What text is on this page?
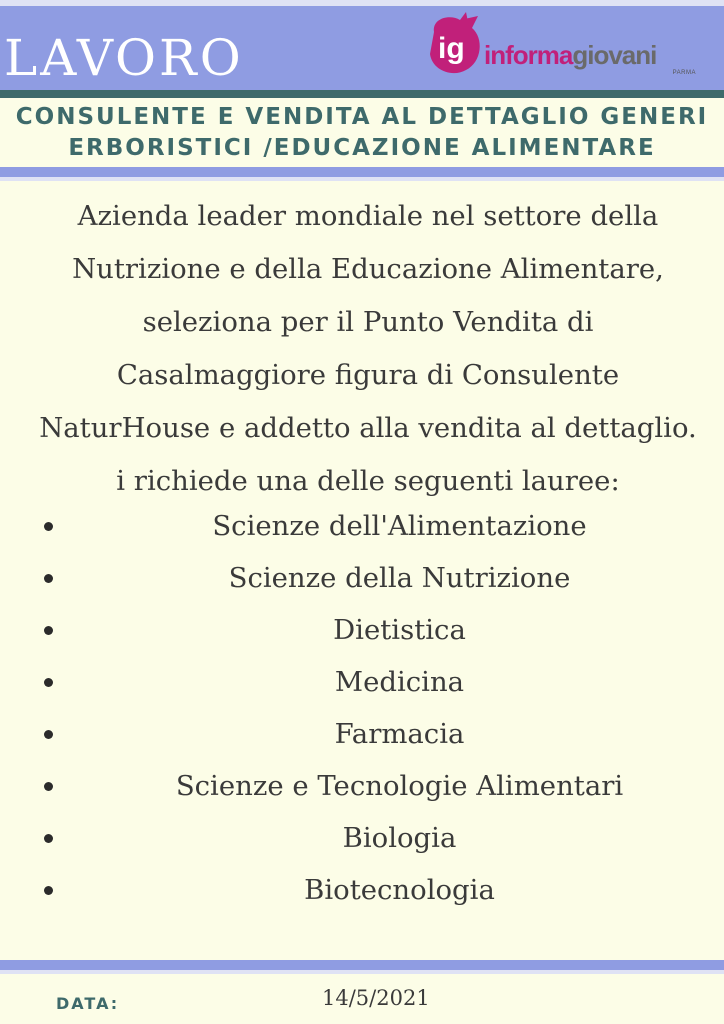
LAVORO	ig informagiovani
PARMA
CONSULENTE E VENDITA AL DETTAGLIO GENERI
ERBORISTICI /EDUCAZIONE ALIMENTARE

Azienda leader mondiale nel settore della
Nutrizione e della Educazione Alimentare,
seleziona per il Punto Vendita di
Casalmaggiore figura di Consulente
NaturHouse e addetto alla vendita al dettaglio.
i richiede una delle seguenti lauree:

Scienze dell'Alimentazione
Scienze della Nutrizione
Dietistica
Medicina
Farmacia
Scienze e Tecnologie Alimentari
Biologia
Biotecnologia
DATA:	14/5/2021
